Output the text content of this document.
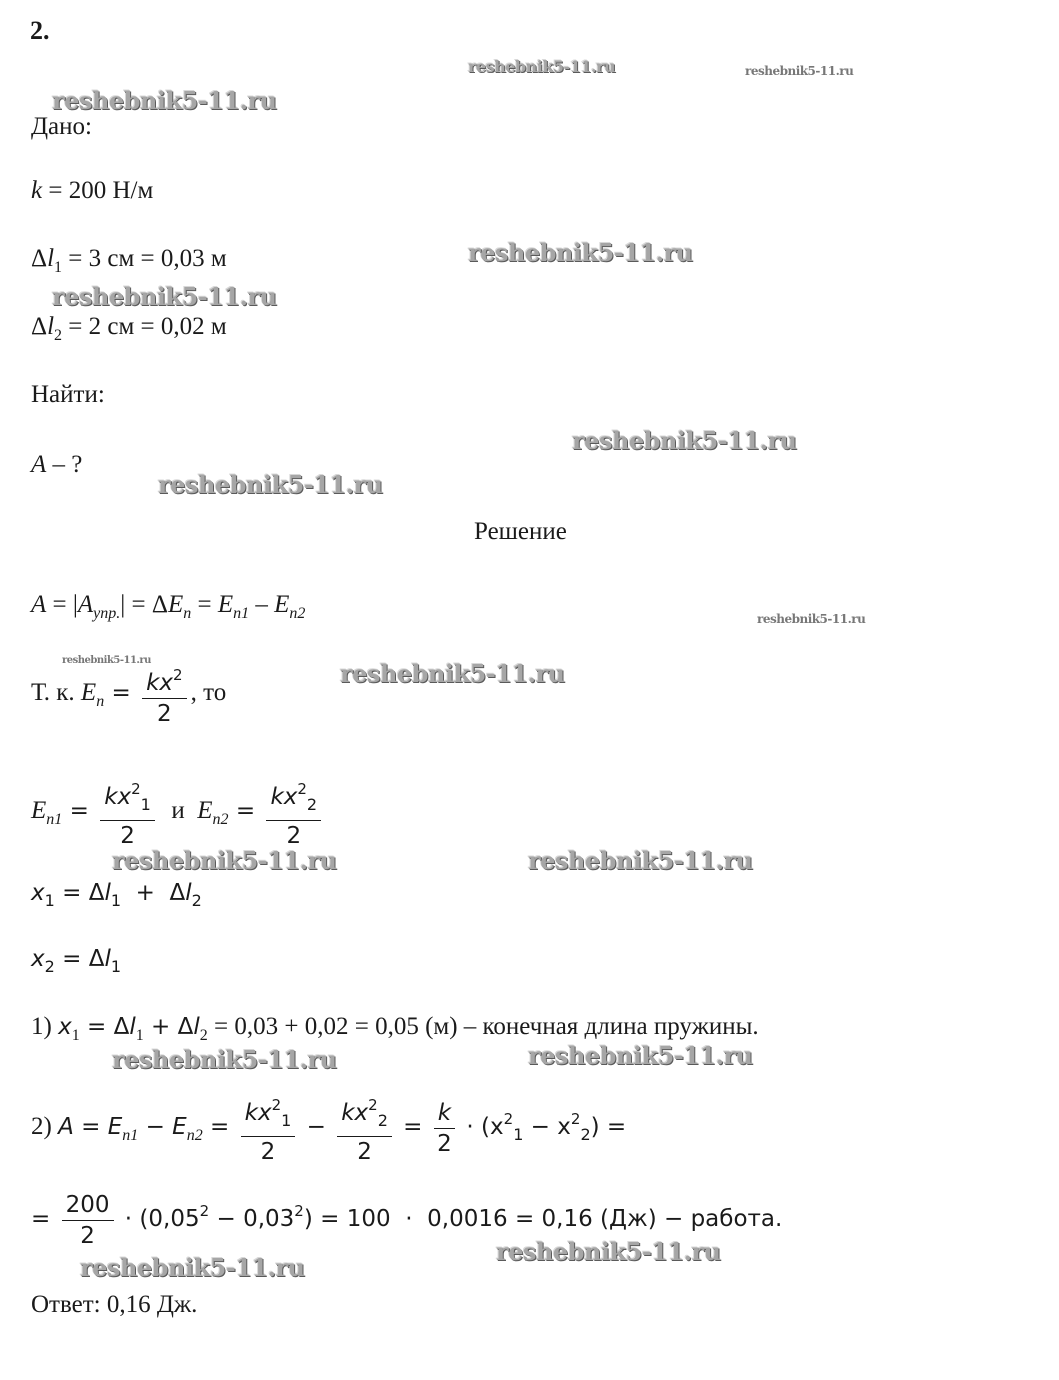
2.
reshebnik5-11.ru	reshebnik5-11.ru
reshebnik5-11.ru
reshebnik5-11.ru
reshebnik5-11.ru
reshebnik5-11.ru
reshebnik5-11.ru
reshebnik5-11.ru
reshebnik5-11.ru	reshebnik5-11.ru
reshebnik5-11.ru	reshebnik5-11.ru
reshebnik5-11.ru	reshebnik5-11.ru
reshebnik5-11.ru
reshebnik5-11.ru
Дано:
k = 200 Н/м
$\Delta l_1 = 3$ см = 0,03 м
$\Delta l_2 = 2$ см = 0,02 м
Найти:
A – ?
Решение
$A = |A_{упр.}| = \Delta E_п = E_{п1} - E_{п2}$
Т. к. $E_п = \frac{kx^2}{2}$ , то
$E_{п1} = \frac{kx^2_1}{2}$ и $E_{п2} = \frac{kx^2_2}{2}$
$x_1 = \Delta l_1 + \Delta l_2$
$x_2 = \Delta l_1$
1) $x_1 = \Delta l_1 + \Delta l_2 = 0,03 + 0,02 = 0,05$ (м) – конечная длина пружины.
2) $A = E_{п1} - E_{п2} = \frac{kx^2_1}{2} - \frac{kx^2_2}{2} = \frac{k}{2} \cdot (x^2_1 - x^2_2)$ =
= $\frac{200}{2} \cdot (0,05^2 - 0,03^2) = 100 \cdot 0,0016 = 0,16$ (Дж) − работа.
Ответ: 0,16 Дж.
